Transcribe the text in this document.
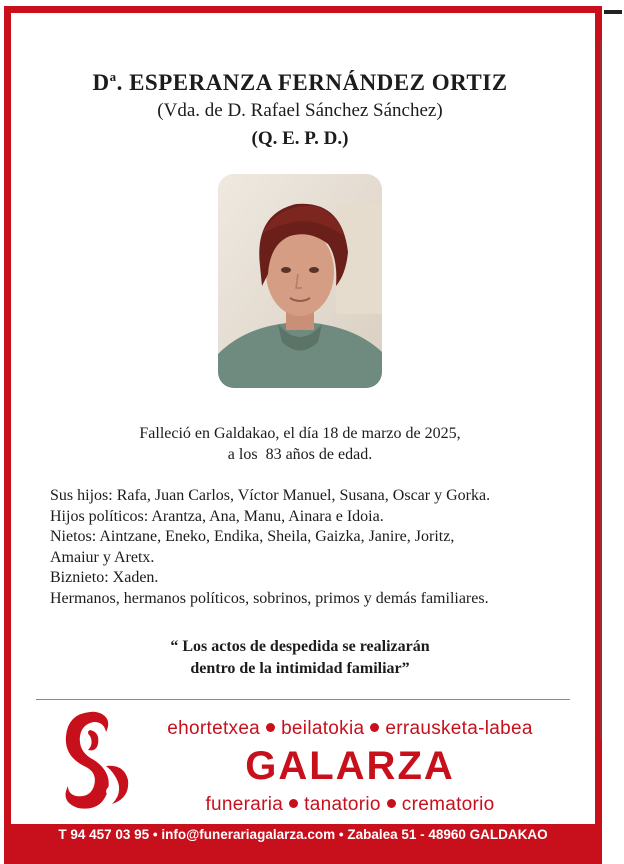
$D^a$. ESPERANZA FERNÁNDEZ ORTIZ
(Vda. de D. Rafael Sánchez Sánchez)
(Q. E. P. D.)
Falleció en Galdakao, el día 18 de marzo de 2025,
a los  83 años de edad.
Sus hijos: Rafa, Juan Carlos, Víctor Manuel, Susana, Oscar y Gorka.
Hijos políticos: Arantza, Ana, Manu, Ainara e Idoia.
Nietos: Aintzane, Eneko, Endika, Sheila, Gaizka, Janire, Joritz,
Amaiur y Aretx.
Biznieto: Xaden.
Hermanos, hermanos políticos, sobrinos, primos y demás familiares.
“ Los actos de despedida se realizarán
dentro de la intimidad familiar”
ehortetxea beilatokia errausketa-labea
GALARZA
funeraria tanatorio crematorio
T 94 457 03 95 • info@funerariagalarza.com • Zabalea 51 - 48960 GALDAKAO
